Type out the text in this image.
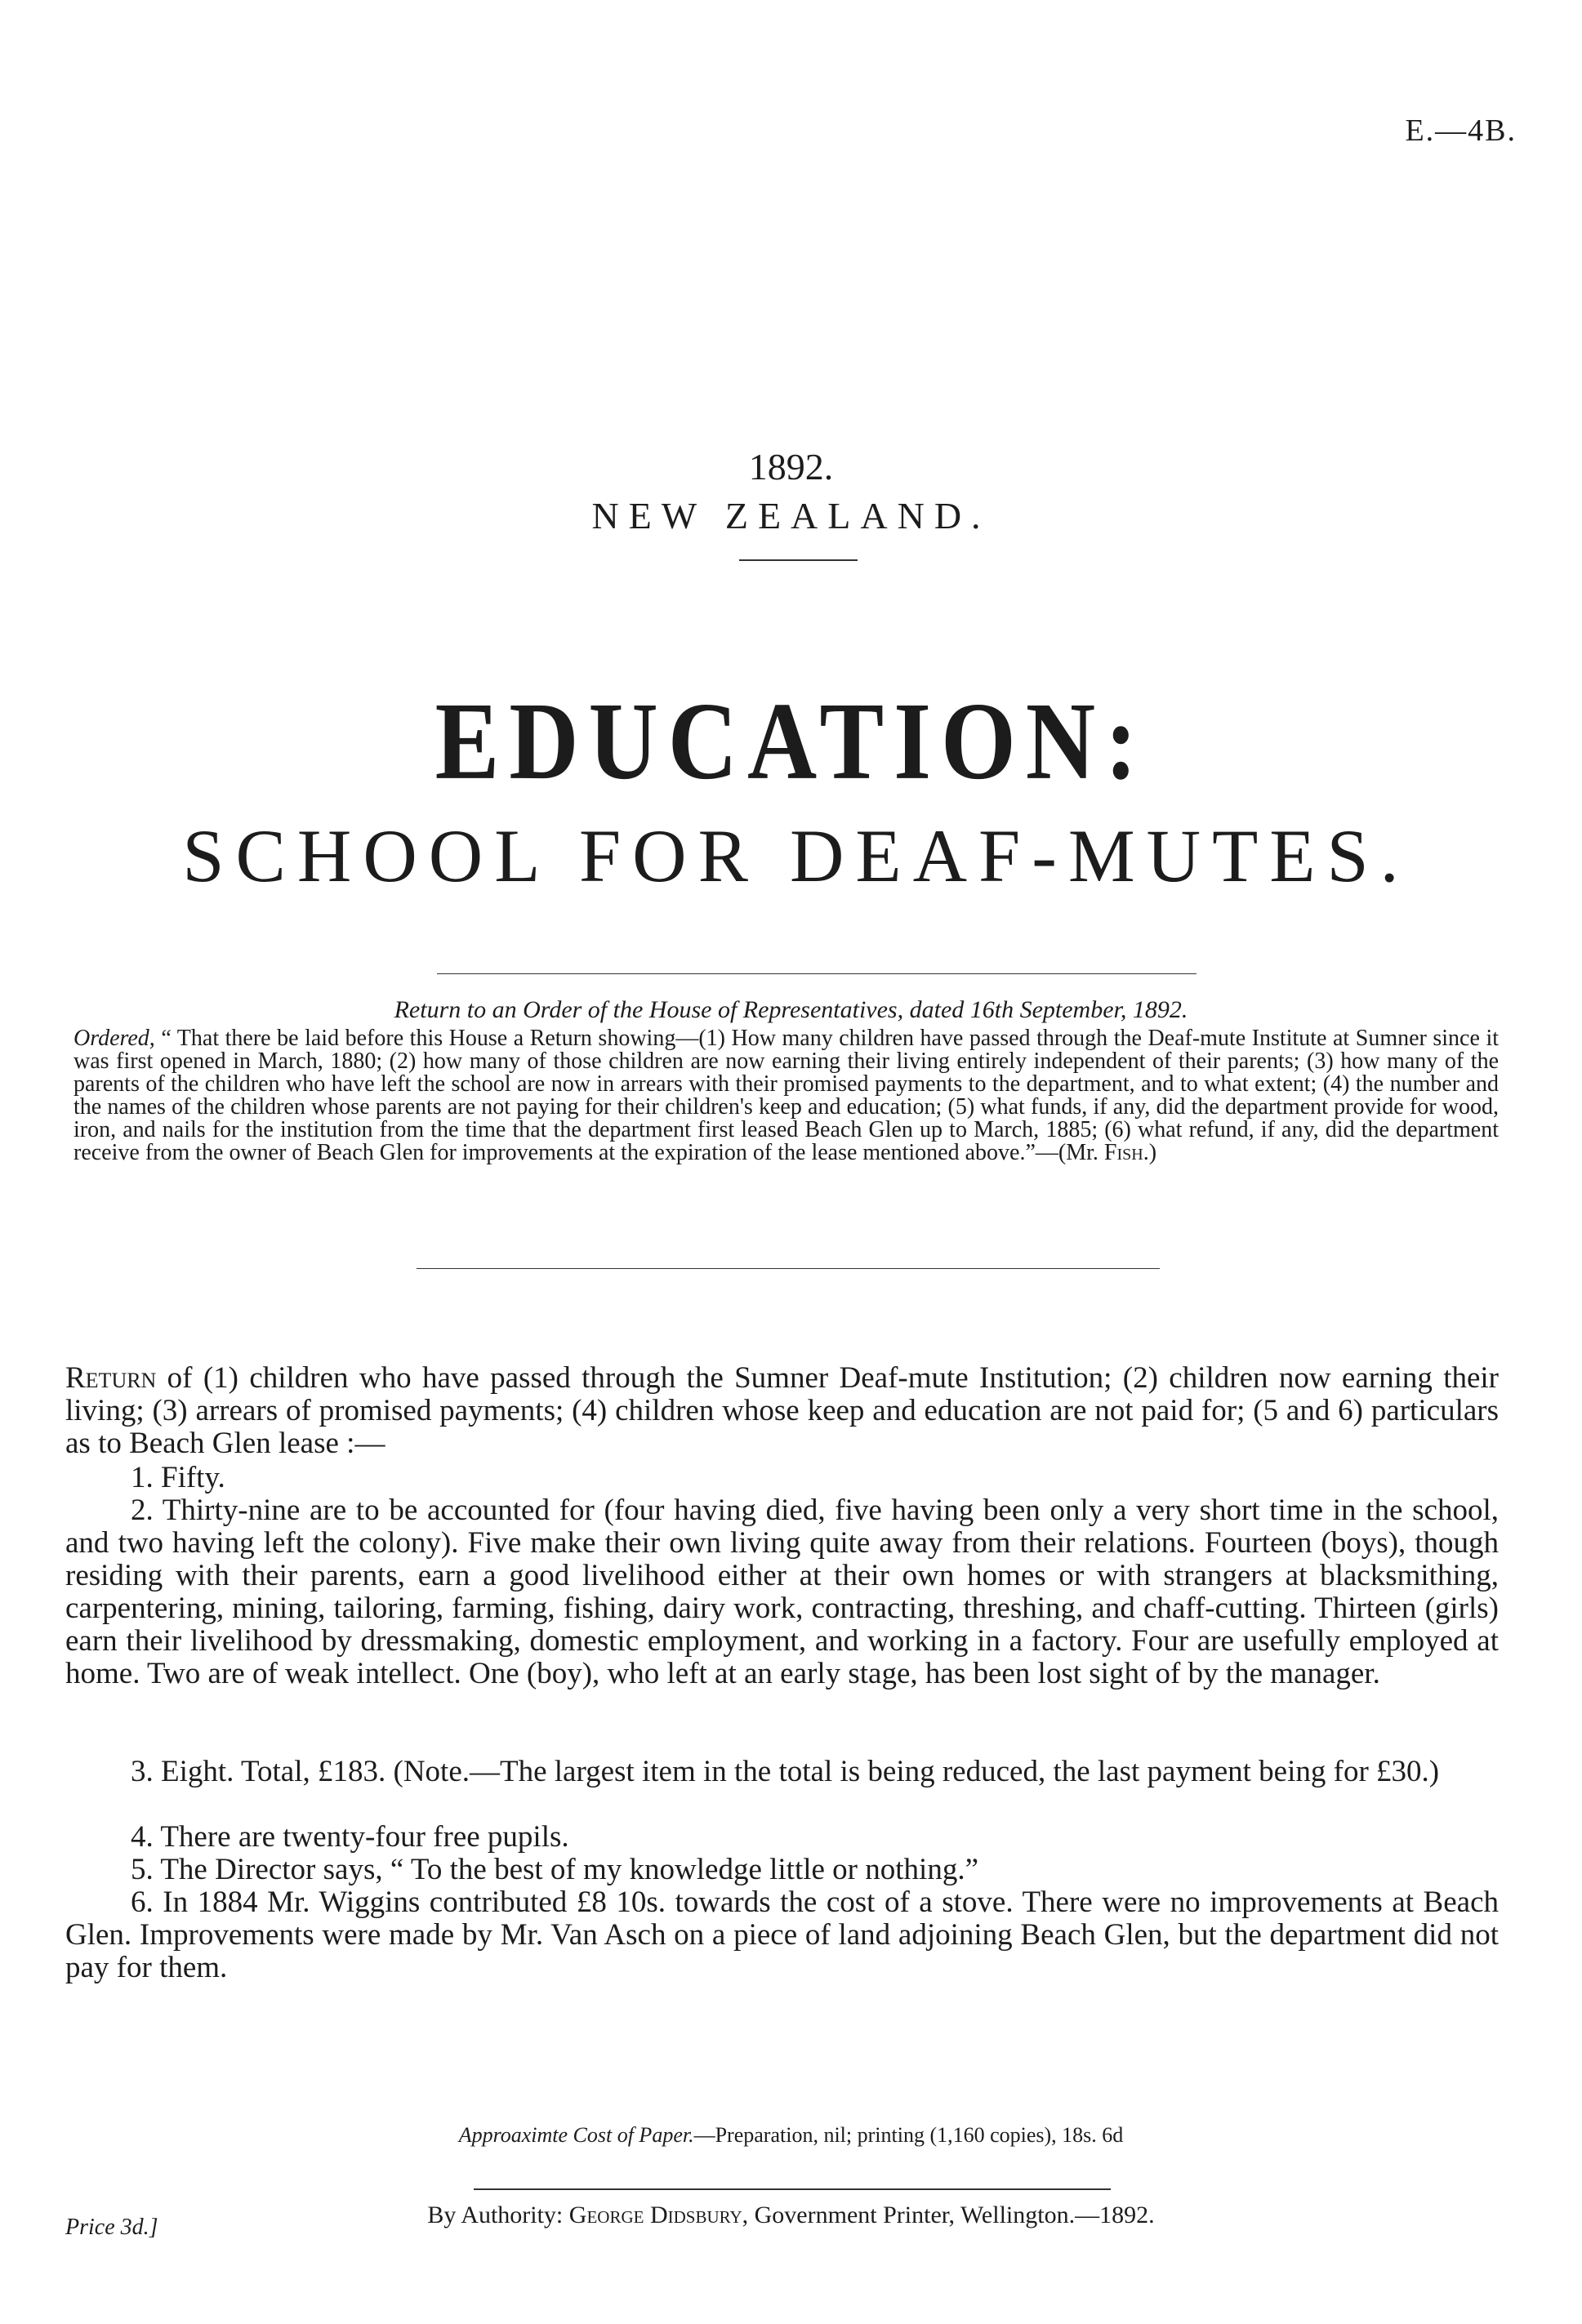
E.—4B.
1892.
NEW ZEALAND.
EDUCATION:
SCHOOL FOR DEAF-MUTES.
Return to an Order of the House of Representatives, dated 16th September, 1892.
Ordered, “ That there be laid before this House a Return showing—(1) How many children have passed through the Deaf-mute Institute at Sumner since it was first opened in March, 1880; (2) how many of those children are now earning their living entirely independent of their parents; (3) how many of the parents of the children who have left the school are now in arrears with their promised payments to the department, and to what extent; (4) the number and the names of the children whose parents are not paying for their children's keep and education; (5) what funds, if any, did the department provide for wood, iron, and nails for the institution from the time that the department first leased Beach Glen up to March, 1885; (6) what refund, if any, did the department receive from the owner of Beach Glen for improvements at the expiration of the lease mentioned above.”—(Mr. Fish.)
Return of (1) children who have passed through the Sumner Deaf-mute Institution; (2) children now earning their living; (3) arrears of promised payments; (4) children whose keep and education are not paid for; (5 and 6) particulars as to Beach Glen lease :—
1. Fifty.
2. Thirty-nine are to be accounted for (four having died, five having been only a very short time in the school, and two having left the colony). Five make their own living quite away from their relations. Fourteen (boys), though residing with their parents, earn a good livelihood either at their own homes or with strangers at blacksmithing, carpentering, mining, tailoring, farming, fishing, dairy work, contracting, threshing, and chaff-cutting. Thirteen (girls) earn their livelihood by dressmaking, domestic employment, and working in a factory. Four are usefully employed at home. Two are of weak intellect. One (boy), who left at an early stage, has been lost sight of by the manager.
3. Eight. Total, £183. (Note.—The largest item in the total is being reduced, the last payment being for £30.)
4. There are twenty-four free pupils.
5. The Director says, “ To the best of my knowledge little or nothing.”
6. In 1884 Mr. Wiggins contributed £8 10s. towards the cost of a stove. There were no improvements at Beach Glen. Improvements were made by Mr. Van Asch on a piece of land adjoining Beach Glen, but the department did not pay for them.
Approaximte Cost of Paper.—Preparation, nil; printing (1,160 copies), 18s. 6d
By Authority: George Didsbury, Government Printer, Wellington.—1892.
Price 3d.]
